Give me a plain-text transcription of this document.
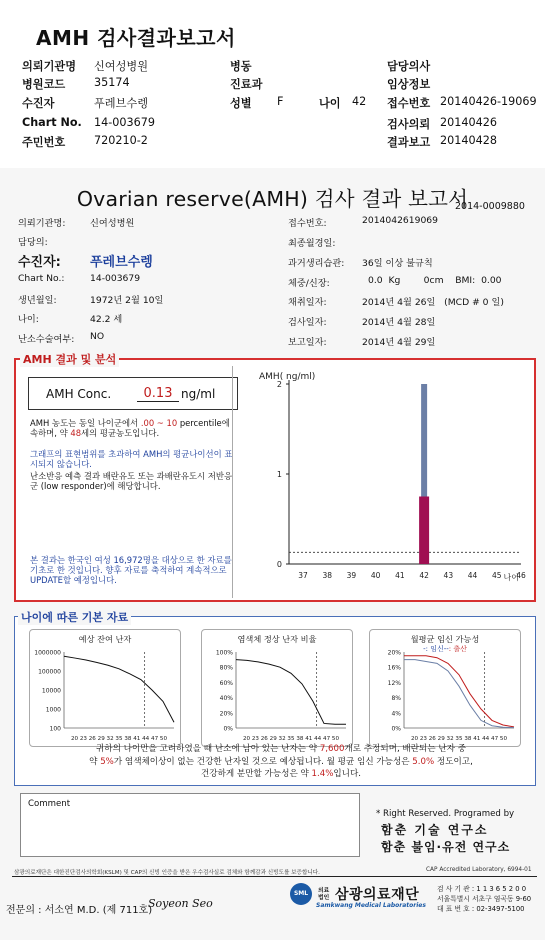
AMH 검사결과보고서
의뢰기관명 신여성병원	병동	담당의사
병원코드	35174	진료과	임상정보
수진자	푸레브수렝	성별 F	나이 42 접수번호 20140426-19069
Chart No. 14-003679	검사의뢰 20140426
주민번호	720210-2	결과보고 20140428
Ovarian reserve(AMH) 검사 결과 보고서
2014-0009880
의뢰기관명:	신여성병원
담당의:
수진자: 푸레브수렝
Chart No.:	14-003679
생년월일:	1972년 2월 10일
나이:	42.2 세
난소수술여부: NO
접수번호:	2014042619069
최종월경일:
과거생리습관: 36일 이상 불규칙
체중/신장:	0.0  Kg        0cm    BMI:  0.00
채취일자:	2014년 4월 26일   (MCD # 0 일)
검사일자:	2014년 4월 28일
보고일자:	2014년 4월 29일
AMH Conc.	0.13 ng/ml
AMH 농도는 동일 나이군에서 .00 ~ 10 percentile에 속하며, 약 48세의 평균농도입니다.
그래프의 표현범위를 초과하여 AMH의 평균나이선이 표시되지 않습니다.
난소반응 예측 결과 배란유도 또는 과배란유도시 저반응군 (low responder)에 해당합니다.
본 결과는 한국인 여성 16,972명을 대상으로 한 자료를 기초로 한 것입니다. 향후 자료를 축적하여 계속적으로 UPDATE할 예정입니다.
AMH( ng/ml)
0
1
2
37 38 39 40 41 42 43 44 45 46
나이
AMH 결과 및 분석
예상 잔여 난자
1000000
100000
10000
1000
100
20 23 26 29 32 35 38 41 44 47 50
염색체 정상 난자 비율
100%
80%
60%
40%
20%
0%
20 23 26 29 32 35 38 41 44 47 50
월평균 임신 가능성
-: 임신--: 출산
20%
16%
12%
8%
4%
0%
20 23 26 29 32 35 38 41 44 47 50
귀하의 나이만을 고려하였을 때 난소에 남아 있는 난자는 약 7,600개로 추정되며, 배란되는 난자 중
약 5%가 염색체이상이 없는 건강한 난자일 것으로 예상됩니다. 월 평균 임신 가능성은 5.0% 정도이고,
건강하게 분만할 가능성은 약 1.4%입니다.
나이에 따른 기본 자료
Comment
* Right Reserved. Programed by
함춘 기술 연구소
함춘 불임·유전 연구소
삼광의료재단은 대한진단검사의학회(KSLM) 및 CAP의 신빙 인증을 받은 우수검사실로 검체와 함께감과 신빙도를 보증합니다.	CAP Accredited Laboratory, 6994-01
전문의 : 서소연 M.D. (제 711호)
Soyeon Seo
SML	의료 법인 삼광의료재단
Samkwang Medical Laboratories
검 사 기 관 : 1 1 3 6 5 2 0 0
서울특별시 서초구 염곡동 9-60
대 표 번 호 : 02-3497-5100
